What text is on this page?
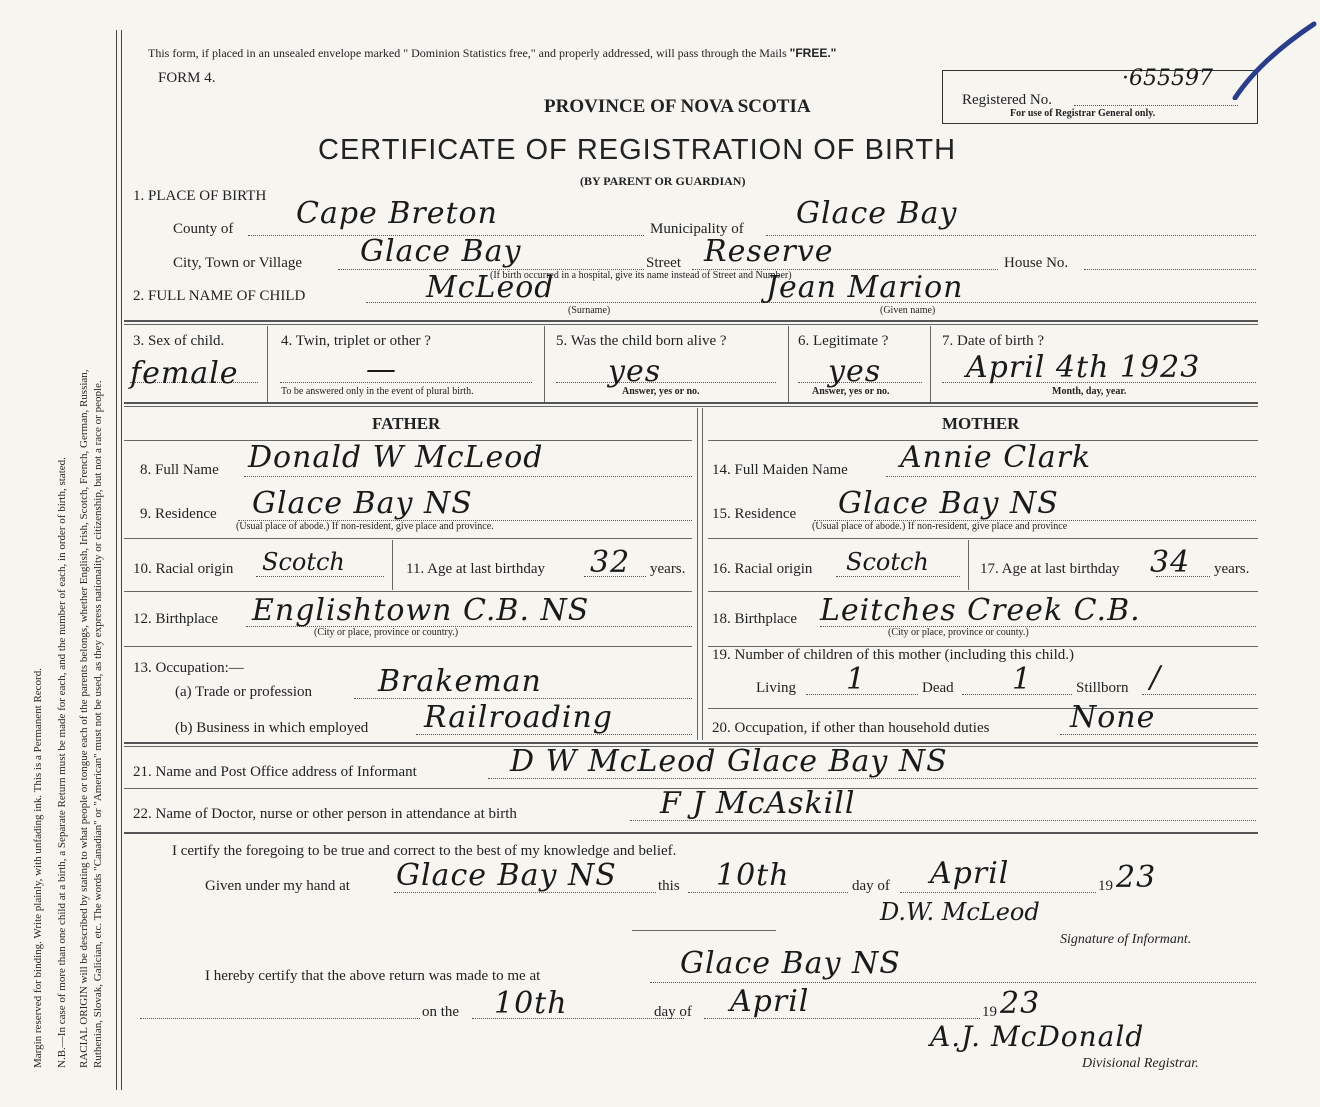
Margin reserved for binding. Write plainly, with unfading ink. This is a Permanent Record. N.B.—In case of more than one child at a birth, a Separate Return must be made for each, and the number of each, in order of birth, stated. RACIAL ORIGIN will be described by stating to what people or tongue each of the parents belongs, whether English, Irish, Scotch, French, German, Russian, Ruthenian, Slovak, Galician, etc. The words "Canadian" or "American" must not be used, as they express nationality or citizenship, but not a race or people.
This form, if placed in an unsealed envelope marked " Dominion Statistics free," and properly addressed, will pass through the Mails "FREE."
FORM 4.
PROVINCE OF NOVA SCOTIA	Registered No.
·655597
For use of Registrar General only.
CERTIFICATE OF REGISTRATION OF BIRTH
(BY PARENT OR GUARDIAN)
1. PLACE OF BIRTH
County of Cape Breton	Municipality of Glace Bay
City, Town or Village Glace Bay	Street Reserve	House No.
(If birth occurred in a hospital, give its name instead of Street and Number)
2. FULL NAME OF CHILD	McLeod	Jean Marion
(Surname)	(Given name)
3. Sex of child.
female
4. Twin, triplet or other ?
—
To be answered only in the event of plural birth.
5. Was the child born alive ?
yes
Answer, yes or no.
6. Legitimate ?
yes
Answer, yes or no.
7. Date of birth ?
April 4th 1923
Month, day, year.
FATHER	MOTHER
8. Full Name Donald W McLeod
9. Residence Glace Bay NS
(Usual place of abode.) If non-resident, give place and province.
10. Racial origin Scotch	11. Age at last birthday 32 years.
12. Birthplace Englishtown C.B. NS
(City or place, province or country.)
13. Occupation:—
(a) Trade or profession Brakeman
(b) Business in which employed Railroading
14. Full Maiden Name Annie Clark
15. Residence Glace Bay NS
(Usual place of abode.) If non-resident, give place and province
16. Racial origin Scotch	17. Age at last birthday 34 years.
18. Birthplace Leitches Creek C.B.
(City or place, province or county.)
19. Number of children of this mother (including this child.)
Living 1	Dead 1	Stillborn /
20. Occupation, if other than household duties	None
21. Name and Post Office address of Informant	D W McLeod Glace Bay NS
22. Name of Doctor, nurse or other person in attendance at birth	F J McAskill
I certify the foregoing to be true and correct to the best of my knowledge and belief.
Given under my hand at Glace Bay NS	this 10th	day of April	19 23
D.W. McLeod
Signature of Informant.
I hereby certify that the above return was made to me at	Glace Bay NS
on the 10th	day of April	19 23
A.J. McDonald
Divisional Registrar.
